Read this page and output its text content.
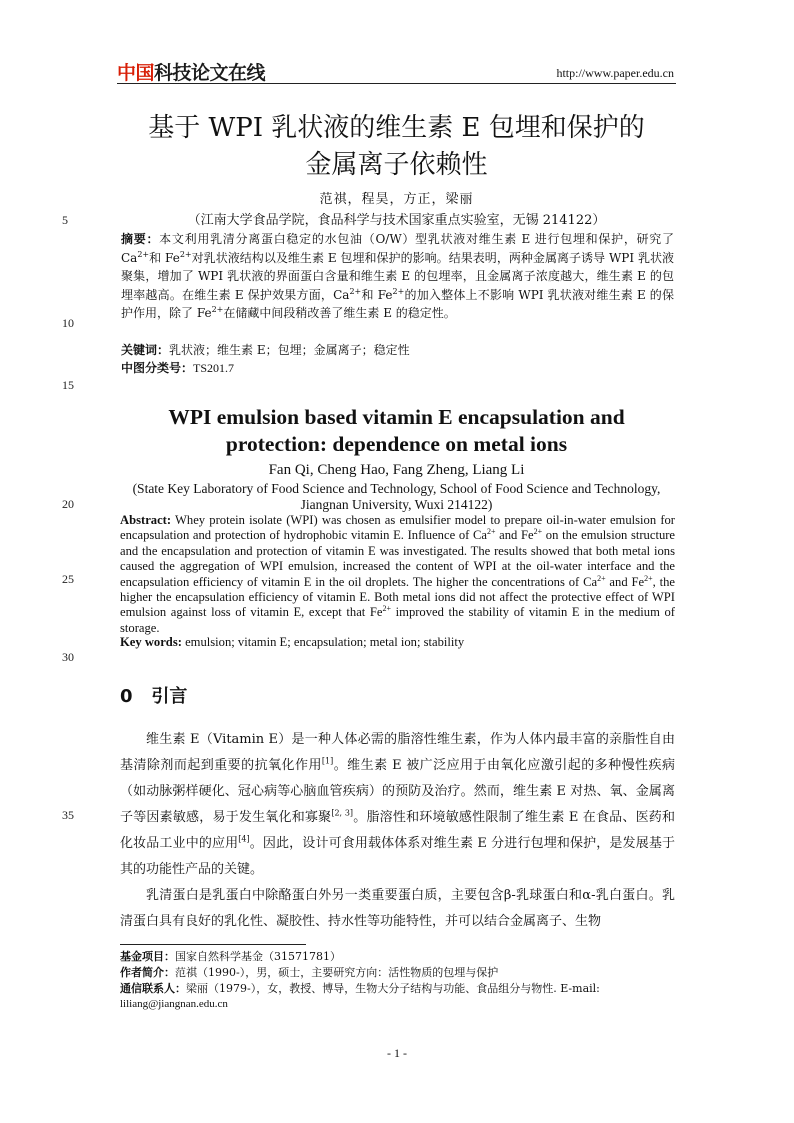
中国科技论文在线	http://www.paper.edu.cn
5
10
15
20
25
30
35
基于 WPI 乳状液的维生素 E 包埋和保护的
金属离子依赖性
范祺，程昊，方正，梁丽
（江南大学食品学院，食品科学与技术国家重点实验室，无锡 214122）
摘要：本文利用乳清分离蛋白稳定的水包油（O/W）型乳状液对维生素 E 进行包埋和保护，研究了 $Ca^{2+}$和 $Fe^{2+}$对乳状液结构以及维生素 E 包埋和保护的影响。结果表明，两种金属离子诱导 WPI 乳状液聚集，增加了 WPI 乳状液的界面蛋白含量和维生素 E 的包埋率，且金属离子浓度越大，维生素 E 的包埋率越高。在维生素 E 保护效果方面，$Ca^{2+}$和 $Fe^{2+}$的加入整体上不影响 WPI 乳状液对维生素 E 的保护作用，除了 $Fe^{2+}$在储藏中间段稍改善了维生素 E 的稳定性。
关键词：乳状液；维生素 E；包埋；金属离子；稳定性
中图分类号：TS201.7
WPI emulsion based vitamin E encapsulation and
protection: dependence on metal ions
Fan Qi, Cheng Hao, Fang Zheng, Liang Li
(State Key Laboratory of Food Science and Technology, School of Food Science and Technology,
Jiangnan University, Wuxi 214122)
Abstract: Whey protein isolate (WPI) was chosen as emulsifier model to prepare oil-in-water emulsion for encapsulation and protection of hydrophobic vitamin E. Influence of $Ca^{2+}$ and $Fe^{2+}$ on the emulsion structure and the encapsulation and protection of vitamin E was investigated. The results showed that both metal ions caused the aggregation of WPI emulsion, increased the content of WPI at the oil-water interface and the encapsulation efficiency of vitamin E in the oil droplets. The higher the concentrations of $Ca^{2+}$ and $Fe^{2+}$, the higher the encapsulation efficiency of vitamin E. Both metal ions did not affect the protective effect of WPI emulsion against loss of vitamin E, except that $Fe^{2+}$ improved the stability of vitamin E in the medium of storage.
Key words: emulsion; vitamin E; encapsulation; metal ion; stability
0 引言

维生素 E（Vitamin E）是一种人体必需的脂溶性维生素，作为人体内最丰富的亲脂性自由基清除剂而起到重要的抗氧化作用[1]。维生素 E 被广泛应用于由氧化应激引起的多种慢性疾病（如动脉粥样硬化、冠心病等心脑血管疾病）的预防及治疗。然而，维生素 E 对热、氧、金属离子等因素敏感，易于发生氧化和寡聚[2, 3]。脂溶性和环境敏感性限制了维生素 E 在食品、医药和化妆品工业中的应用[4]。因此，设计可食用载体体系对维生素 E 分进行包埋和保护，是发展基于其的功能性产品的关键。

乳清蛋白是乳蛋白中除酪蛋白外另一类重要蛋白质，主要包含β-乳球蛋白和α-乳白蛋白。乳清蛋白具有良好的乳化性、凝胶性、持水性等功能特性，并可以结合金属离子、生物

基金项目：国家自然科学基金（31571781）
作者简介：范祺（1990-），男，硕士，主要研究方向：活性物质的包埋与保护
通信联系人：梁丽（1979-），女，教授、博导，生物大分子结构与功能、食品组分与物性. E-mail:
liliang@jiangnan.edu.cn
- 1 -
